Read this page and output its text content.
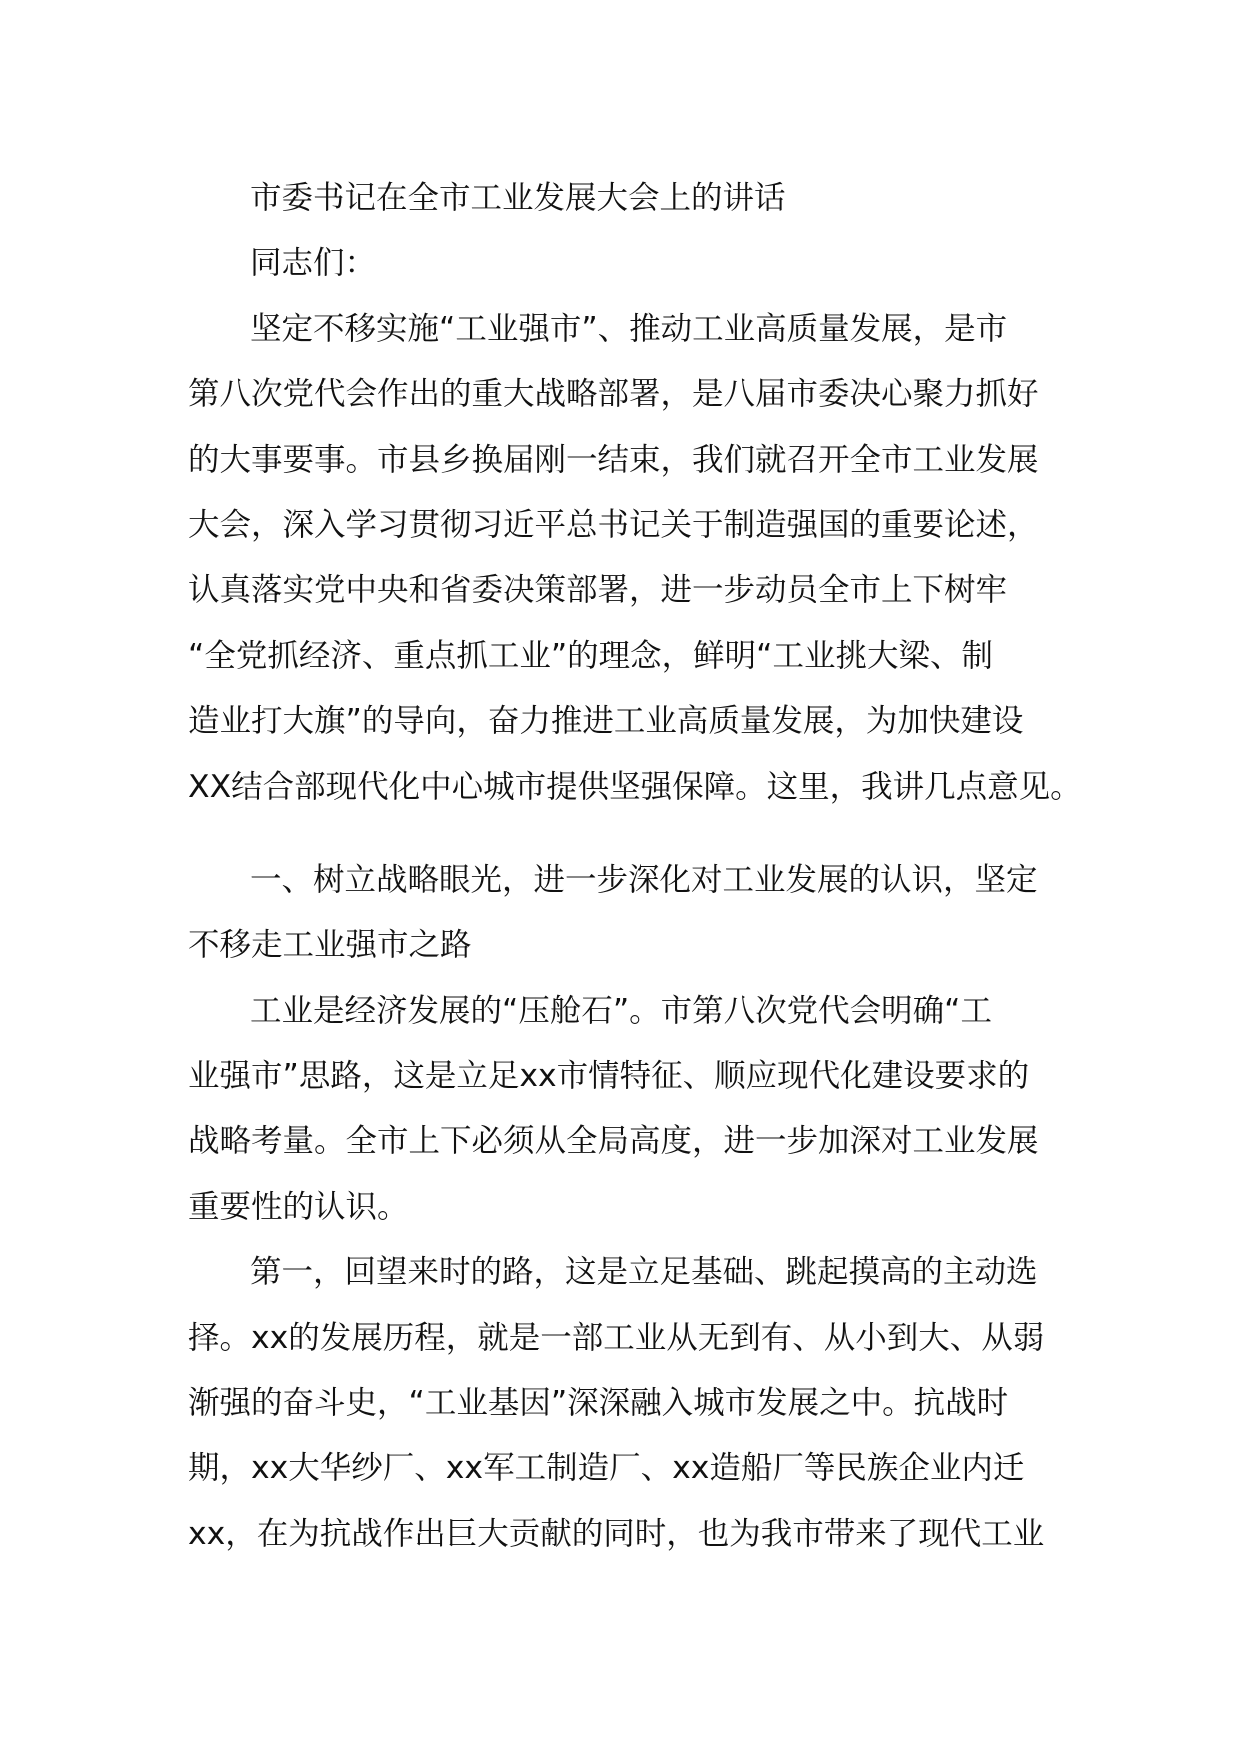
市委书记在全市工业发展大会上的讲话
同志们：
坚定不移实施“工业强市”、推动工业高质量发展，是市
第八次党代会作出的重大战略部署，是八届市委决心聚力抓好
的大事要事。市县乡换届刚一结束，我们就召开全市工业发展
大会，深入学习贯彻习近平总书记关于制造强国的重要论述，
认真落实党中央和省委决策部署，进一步动员全市上下树牢
“全党抓经济、重点抓工业”的理念，鲜明“工业挑大梁、制
造业打大旗”的导向，奋力推进工业高质量发展，为加快建设
XX结合部现代化中心城市提供坚强保障。这里，我讲几点意见。
一、树立战略眼光，进一步深化对工业发展的认识，坚定
不移走工业强市之路
工业是经济发展的“压舱石”。市第八次党代会明确“工
业强市”思路，这是立足xx市情特征、顺应现代化建设要求的
战略考量。全市上下必须从全局高度，进一步加深对工业发展
重要性的认识。
第一，回望来时的路，这是立足基础、跳起摸高的主动选
择。xx的发展历程，就是一部工业从无到有、从小到大、从弱
渐强的奋斗史，“工业基因”深深融入城市发展之中。抗战时
期，xx大华纱厂、xx军工制造厂、xx造船厂等民族企业内迁
xx，在为抗战作出巨大贡献的同时，也为我市带来了现代工业
